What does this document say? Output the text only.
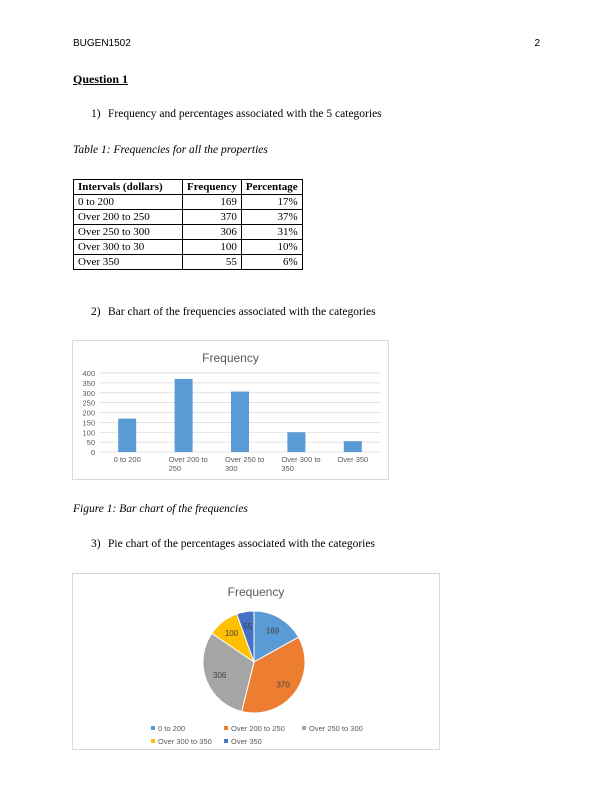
BUGEN1502	2
Question 1
1) Frequency and percentages associated with the 5 categories
Table 1: Frequencies for all the properties
Intervals (dollars)	Frequency	Percentage
0 to 200	169	17%
Over 200 to 250	370	37%
Over 250 to 300	306	31%
Over 300 to 30	100	10%
Over 350	55	6%
2) Bar chart of the frequencies associated with the categories
Frequency
0
50
100
150
200
250
300
350
400
0 to 200	Over 200 to 250
Over 250 to 300
Over 300 to 350
Over 350
Figure 1: Bar chart of the frequencies
3) Pie chart of the percentages associated with the categories
Frequency
169
370
306
100
55
0 to 200	Over 200 to 250	Over 250 to 300
Over 300 to 350	Over 350
